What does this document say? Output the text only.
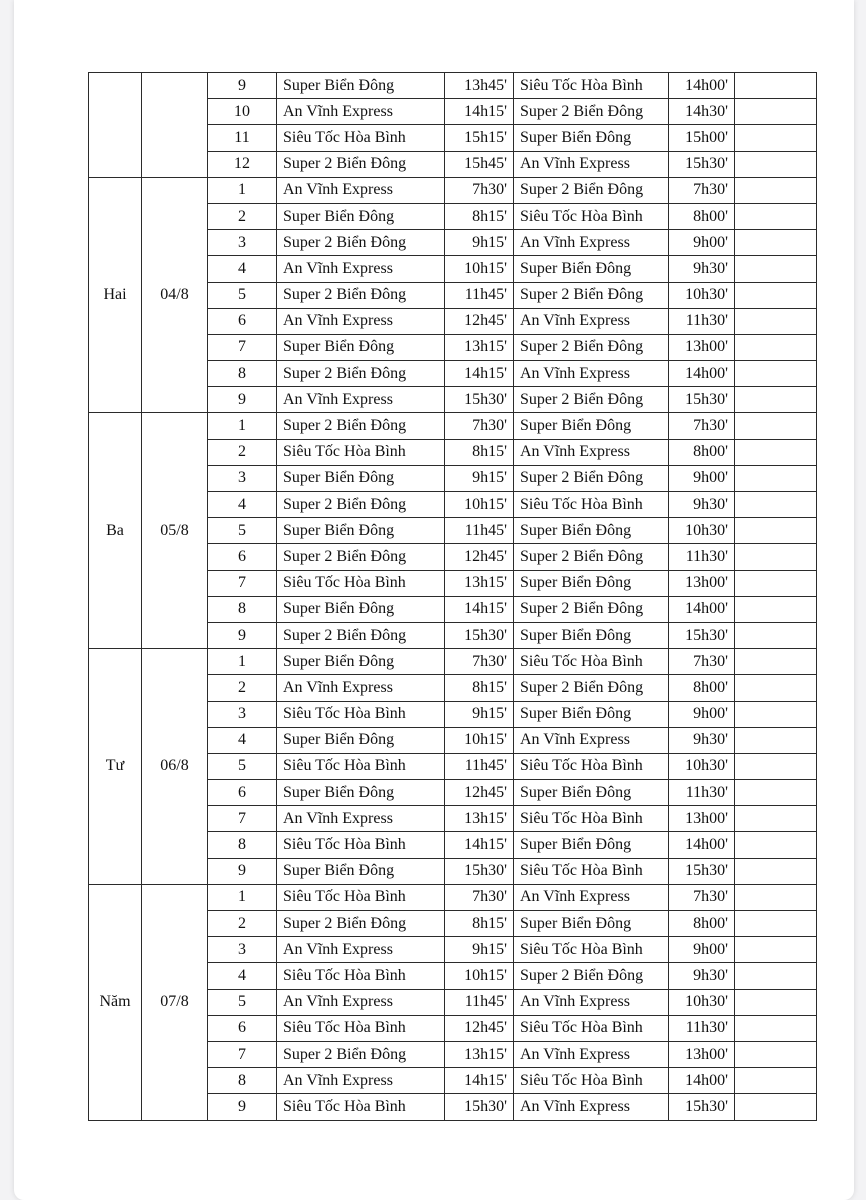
		9	Super Biển Đông	13h45'	Siêu Tốc Hòa Bình	14h00'	
		10	An Vĩnh Express	14h15'	Super 2 Biển Đông	14h30'	
		11	Siêu Tốc Hòa Bình	15h15'	Super Biển Đông	15h00'	
		12	Super 2 Biển Đông	15h45'	An Vĩnh Express	15h30'	
Hai	04/8	1	An Vĩnh Express	7h30'	Super 2 Biển Đông	7h30'	
		2	Super Biển Đông	8h15'	Siêu Tốc Hòa Bình	8h00'	
		3	Super 2 Biển Đông	9h15'	An Vĩnh Express	9h00'	
		4	An Vĩnh Express	10h15'	Super Biển Đông	9h30'	
		5	Super 2 Biển Đông	11h45'	Super 2 Biển Đông	10h30'	
		6	An Vĩnh Express	12h45'	An Vĩnh Express	11h30'	
		7	Super Biển Đông	13h15'	Super 2 Biển Đông	13h00'	
		8	Super 2 Biển Đông	14h15'	An Vĩnh Express	14h00'	
		9	An Vĩnh Express	15h30'	Super 2 Biển Đông	15h30'	
Ba	05/8	1	Super 2 Biển Đông	7h30'	Super Biển Đông	7h30'	
		2	Siêu Tốc Hòa Bình	8h15'	An Vĩnh Express	8h00'	
		3	Super Biển Đông	9h15'	Super 2 Biển Đông	9h00'	
		4	Super 2 Biển Đông	10h15'	Siêu Tốc Hòa Bình	9h30'	
		5	Super Biển Đông	11h45'	Super Biển Đông	10h30'	
		6	Super 2 Biển Đông	12h45'	Super 2 Biển Đông	11h30'	
		7	Siêu Tốc Hòa Bình	13h15'	Super Biển Đông	13h00'	
		8	Super Biển Đông	14h15'	Super 2 Biển Đông	14h00'	
		9	Super 2 Biển Đông	15h30'	Super Biển Đông	15h30'	
Tư	06/8	1	Super Biển Đông	7h30'	Siêu Tốc Hòa Bình	7h30'	
		2	An Vĩnh Express	8h15'	Super 2 Biển Đông	8h00'	
		3	Siêu Tốc Hòa Bình	9h15'	Super Biển Đông	9h00'	
		4	Super Biển Đông	10h15'	An Vĩnh Express	9h30'	
		5	Siêu Tốc Hòa Bình	11h45'	Siêu Tốc Hòa Bình	10h30'	
		6	Super Biển Đông	12h45'	Super Biển Đông	11h30'	
		7	An Vĩnh Express	13h15'	Siêu Tốc Hòa Bình	13h00'	
		8	Siêu Tốc Hòa Bình	14h15'	Super Biển Đông	14h00'	
		9	Super Biển Đông	15h30'	Siêu Tốc Hòa Bình	15h30'	
Năm	07/8	1	Siêu Tốc Hòa Bình	7h30'	An Vĩnh Express	7h30'	
		2	Super 2 Biển Đông	8h15'	Super Biển Đông	8h00'	
		3	An Vĩnh Express	9h15'	Siêu Tốc Hòa Bình	9h00'	
		4	Siêu Tốc Hòa Bình	10h15'	Super 2 Biển Đông	9h30'	
		5	An Vĩnh Express	11h45'	An Vĩnh Express	10h30'	
		6	Siêu Tốc Hòa Bình	12h45'	Siêu Tốc Hòa Bình	11h30'	
		7	Super 2 Biển Đông	13h15'	An Vĩnh Express	13h00'	
		8	An Vĩnh Express	14h15'	Siêu Tốc Hòa Bình	14h00'	
		9	Siêu Tốc Hòa Bình	15h30'	An Vĩnh Express	15h30'	
